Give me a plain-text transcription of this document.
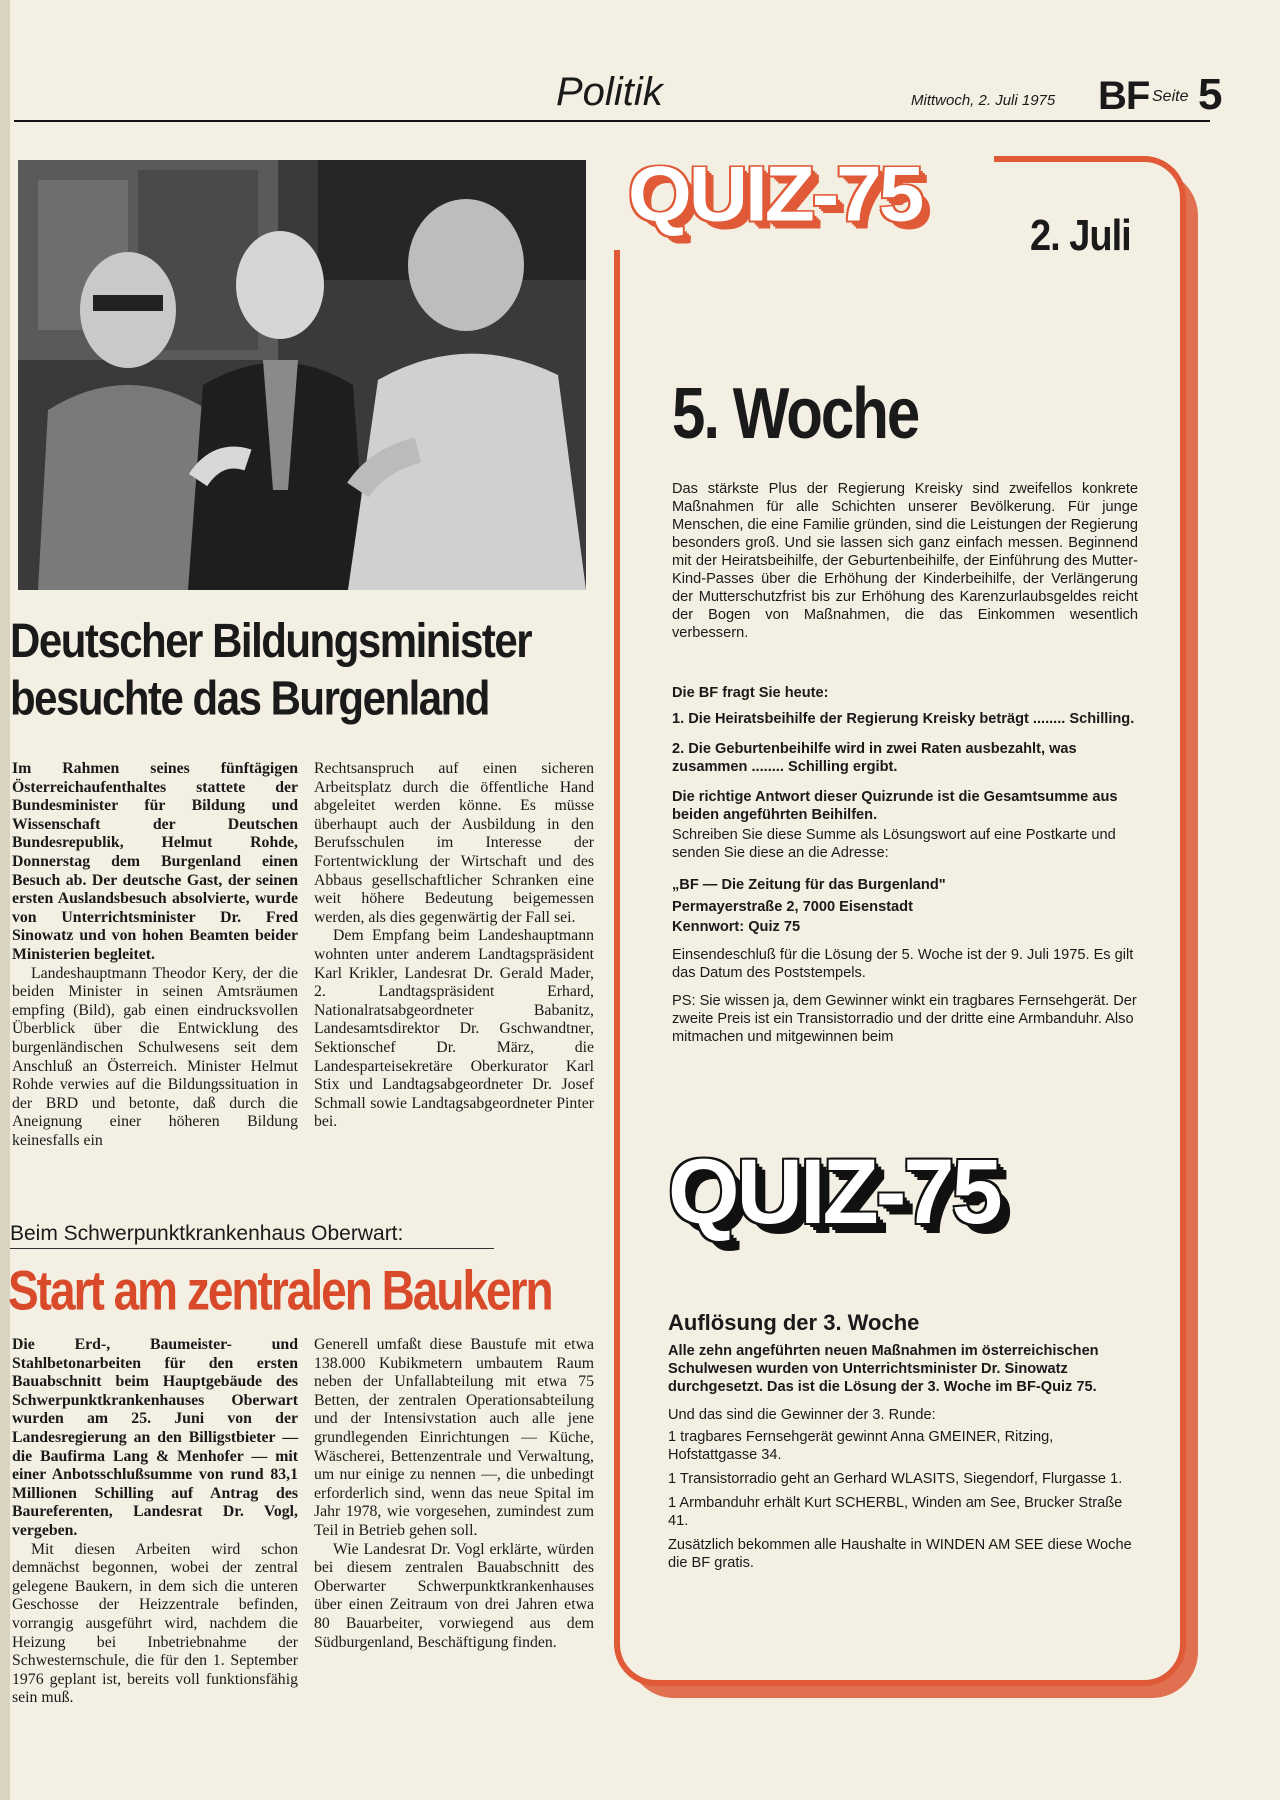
Politik	Mittwoch, 2. Juli 1975 BF Seite 5
Deutscher Bildungsminister
besuchte das Burgenland

Im Rahmen seines fünftägigen Österreichaufenthaltes stattete der Bundesminister für Bildung und Wissenschaft der Deutschen Bundesrepublik, Helmut Rohde, Donnerstag dem Burgenland einen Besuch ab. Der deutsche Gast, der seinen ersten Auslandsbesuch absolvierte, wurde von Unterrichtsminister Dr. Fred Sinowatz und von hohen Beamten beider Ministerien begleitet.

Landeshauptmann Theodor Kery, der die beiden Minister in seinen Amtsräumen empfing (Bild), gab einen eindrucksvollen Überblick über die Entwicklung des burgenländischen Schulwesens seit dem Anschluß an Österreich. Minister Helmut Rohde verwies auf die Bildungssituation in der BRD und betonte, daß durch die Aneignung einer höheren Bildung keinesfalls ein

Rechtsanspruch auf einen sicheren Arbeitsplatz durch die öffentliche Hand abgeleitet werden könne. Es müsse überhaupt auch der Ausbildung in den Berufsschulen im Interesse der Fortentwicklung der Wirtschaft und des Abbaus gesellschaftlicher Schranken eine weit höhere Bedeutung beigemessen werden, als dies gegenwärtig der Fall sei.

Dem Empfang beim Landeshauptmann wohnten unter anderem Landtagspräsident Karl Krikler, Landesrat Dr. Gerald Mader, 2. Landtagspräsident Erhard, Nationalratsabgeordneter Babanitz, Landesamtsdirektor Dr. Gschwandtner, Sektionschef Dr. März, die Landesparteisekretäre Oberkurator Karl Stix und Landtagsabgeordneter Dr. Josef Schmall sowie Landtagsabgeordneter Pinter bei.

Beim Schwerpunktkrankenhaus Oberwart:
Start am zentralen Baukern

Die Erd-, Baumeister- und Stahlbetonarbeiten für den ersten Bauabschnitt beim Hauptgebäude des Schwerpunktkrankenhauses Oberwart wurden am 25. Juni von der Landesregierung an den Billigstbieter — die Baufirma Lang & Menhofer — mit einer Anbotsschlußsumme von rund 83,1 Millionen Schilling auf Antrag des Baureferenten, Landesrat Dr. Vogl, vergeben.

Mit diesen Arbeiten wird schon demnächst begonnen, wobei der zentral gelegene Baukern, in dem sich die unteren Geschosse der Heizzentrale befinden, vorrangig ausgeführt wird, nachdem die Heizung bei Inbetriebnahme der Schwesternschule, die für den 1. September 1976 geplant ist, bereits voll funktionsfähig sein muß.

Generell umfaßt diese Baustufe mit etwa 138.000 Kubikmetern umbautem Raum neben der Unfallabteilung mit etwa 75 Betten, der zentralen Operationsabteilung und der Intensivstation auch alle jene grundlegenden Einrichtungen — Küche, Wäscherei, Bettenzentrale und Verwaltung, um nur einige zu nennen —, die unbedingt erforderlich sind, wenn das neue Spital im Jahr 1978, wie vorgesehen, zumindest zum Teil in Betrieb gehen soll.

Wie Landesrat Dr. Vogl erklärte, würden bei diesem zentralen Bauabschnitt des Oberwarter Schwerpunktkrankenhauses über einen Zeitraum von drei Jahren etwa 80 Bauarbeiter, vorwiegend aus dem Südburgenland, Beschäftigung finden.

QUIZ-75	2. Juli
5. Woche
Das stärkste Plus der Regierung Kreisky sind zweifellos konkrete Maßnahmen für alle Schichten unserer Bevölkerung. Für junge Menschen, die eine Familie gründen, sind die Leistungen der Regierung besonders groß. Und sie lassen sich ganz einfach messen. Beginnend mit der Heiratsbeihilfe, der Geburtenbeihilfe, der Einführung des Mutter-Kind-Passes über die Erhöhung der Kinderbeihilfe, der Verlängerung der Mutterschutzfrist bis zur Erhöhung des Karenzurlaubsgeldes reicht der Bogen von Maßnahmen, die das Einkommen wesentlich verbessern.

Die BF fragt Sie heute:

1. Die Heiratsbeihilfe der Regierung Kreisky beträgt ........ Schilling.

2. Die Geburtenbeihilfe wird in zwei Raten ausbezahlt, was zusammen ........ Schilling ergibt.

Die richtige Antwort dieser Quizrunde ist die Gesamtsumme aus beiden angeführten Beihilfen.

Schreiben Sie diese Summe als Lösungswort auf eine Postkarte und senden Sie diese an die Adresse:

„BF — Die Zeitung für das Burgenland"

Permayerstraße 2, 7000 Eisenstadt

Kennwort: Quiz 75

Einsendeschluß für die Lösung der 5. Woche ist der 9. Juli 1975. Es gilt das Datum des Poststempels.

PS: Sie wissen ja, dem Gewinner winkt ein tragbares Fernsehgerät. Der zweite Preis ist ein Transistorradio und der dritte eine Armbanduhr. Also mitmachen und mitgewinnen beim

QUIZ-75
Auflösung der 3. Woche

Alle zehn angeführten neuen Maßnahmen im österreichischen Schulwesen wurden von Unterrichtsminister Dr. Sinowatz durchgesetzt. Das ist die Lösung der 3. Woche im BF-Quiz 75.

Und das sind die Gewinner der 3. Runde:

1 tragbares Fernsehgerät gewinnt Anna GMEINER, Ritzing, Hofstattgasse 34.

1 Transistorradio geht an Gerhard WLASITS, Siegendorf, Flurgasse 1.

1 Armbanduhr erhält Kurt SCHERBL, Winden am See, Brucker Straße 41.

Zusätzlich bekommen alle Haushalte in WINDEN AM SEE diese Woche die BF gratis.
